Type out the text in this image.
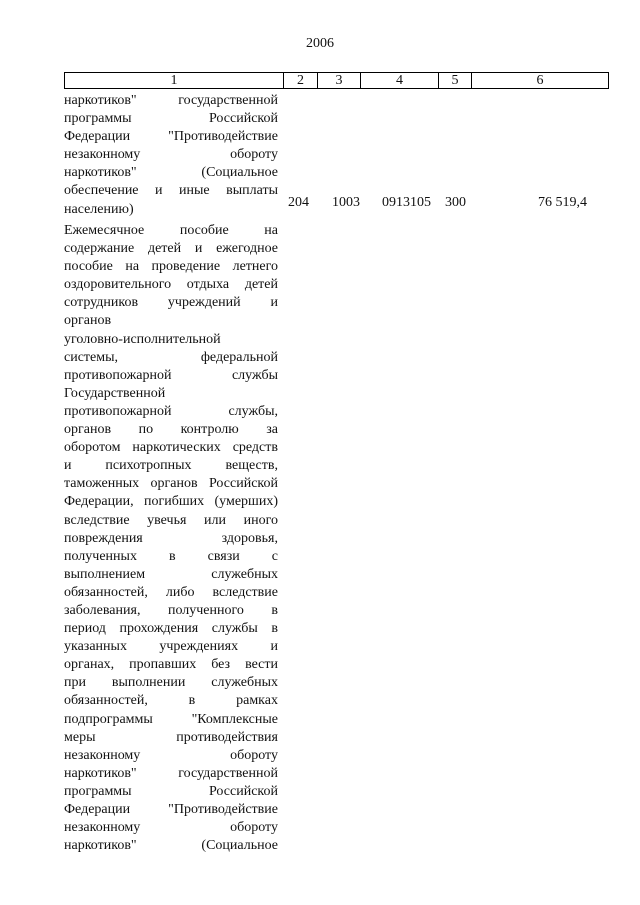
2006
1	2	3	4	5	6
наркотиков" государственной
программы Российской
Федерации "Противодействие
незаконному обороту
наркотиков" (Социальное
обеспечение и иные выплаты
населению)	204 1003 0913105 300	76 519,4
Ежемесячное пособие на
содержание детей и ежегодное
пособие на проведение летнего
оздоровительного отдыха детей
сотрудников учреждений и
органов
уголовно-исполнительной
системы, федеральной
противопожарной службы
Государственной
противопожарной службы,
органов по контролю за
оборотом наркотических средств
и психотропных веществ,
таможенных органов Российской
Федерации, погибших (умерших)
вследствие увечья или иного
повреждения здоровья,
полученных в связи с
выполнением служебных
обязанностей, либо вследствие
заболевания, полученного в
период прохождения службы в
указанных учреждениях и
органах, пропавших без вести
при выполнении служебных
обязанностей, в рамках
подпрограммы "Комплексные
меры противодействия
незаконному обороту
наркотиков" государственной
программы Российской
Федерации "Противодействие
незаконному обороту
наркотиков" (Социальное
